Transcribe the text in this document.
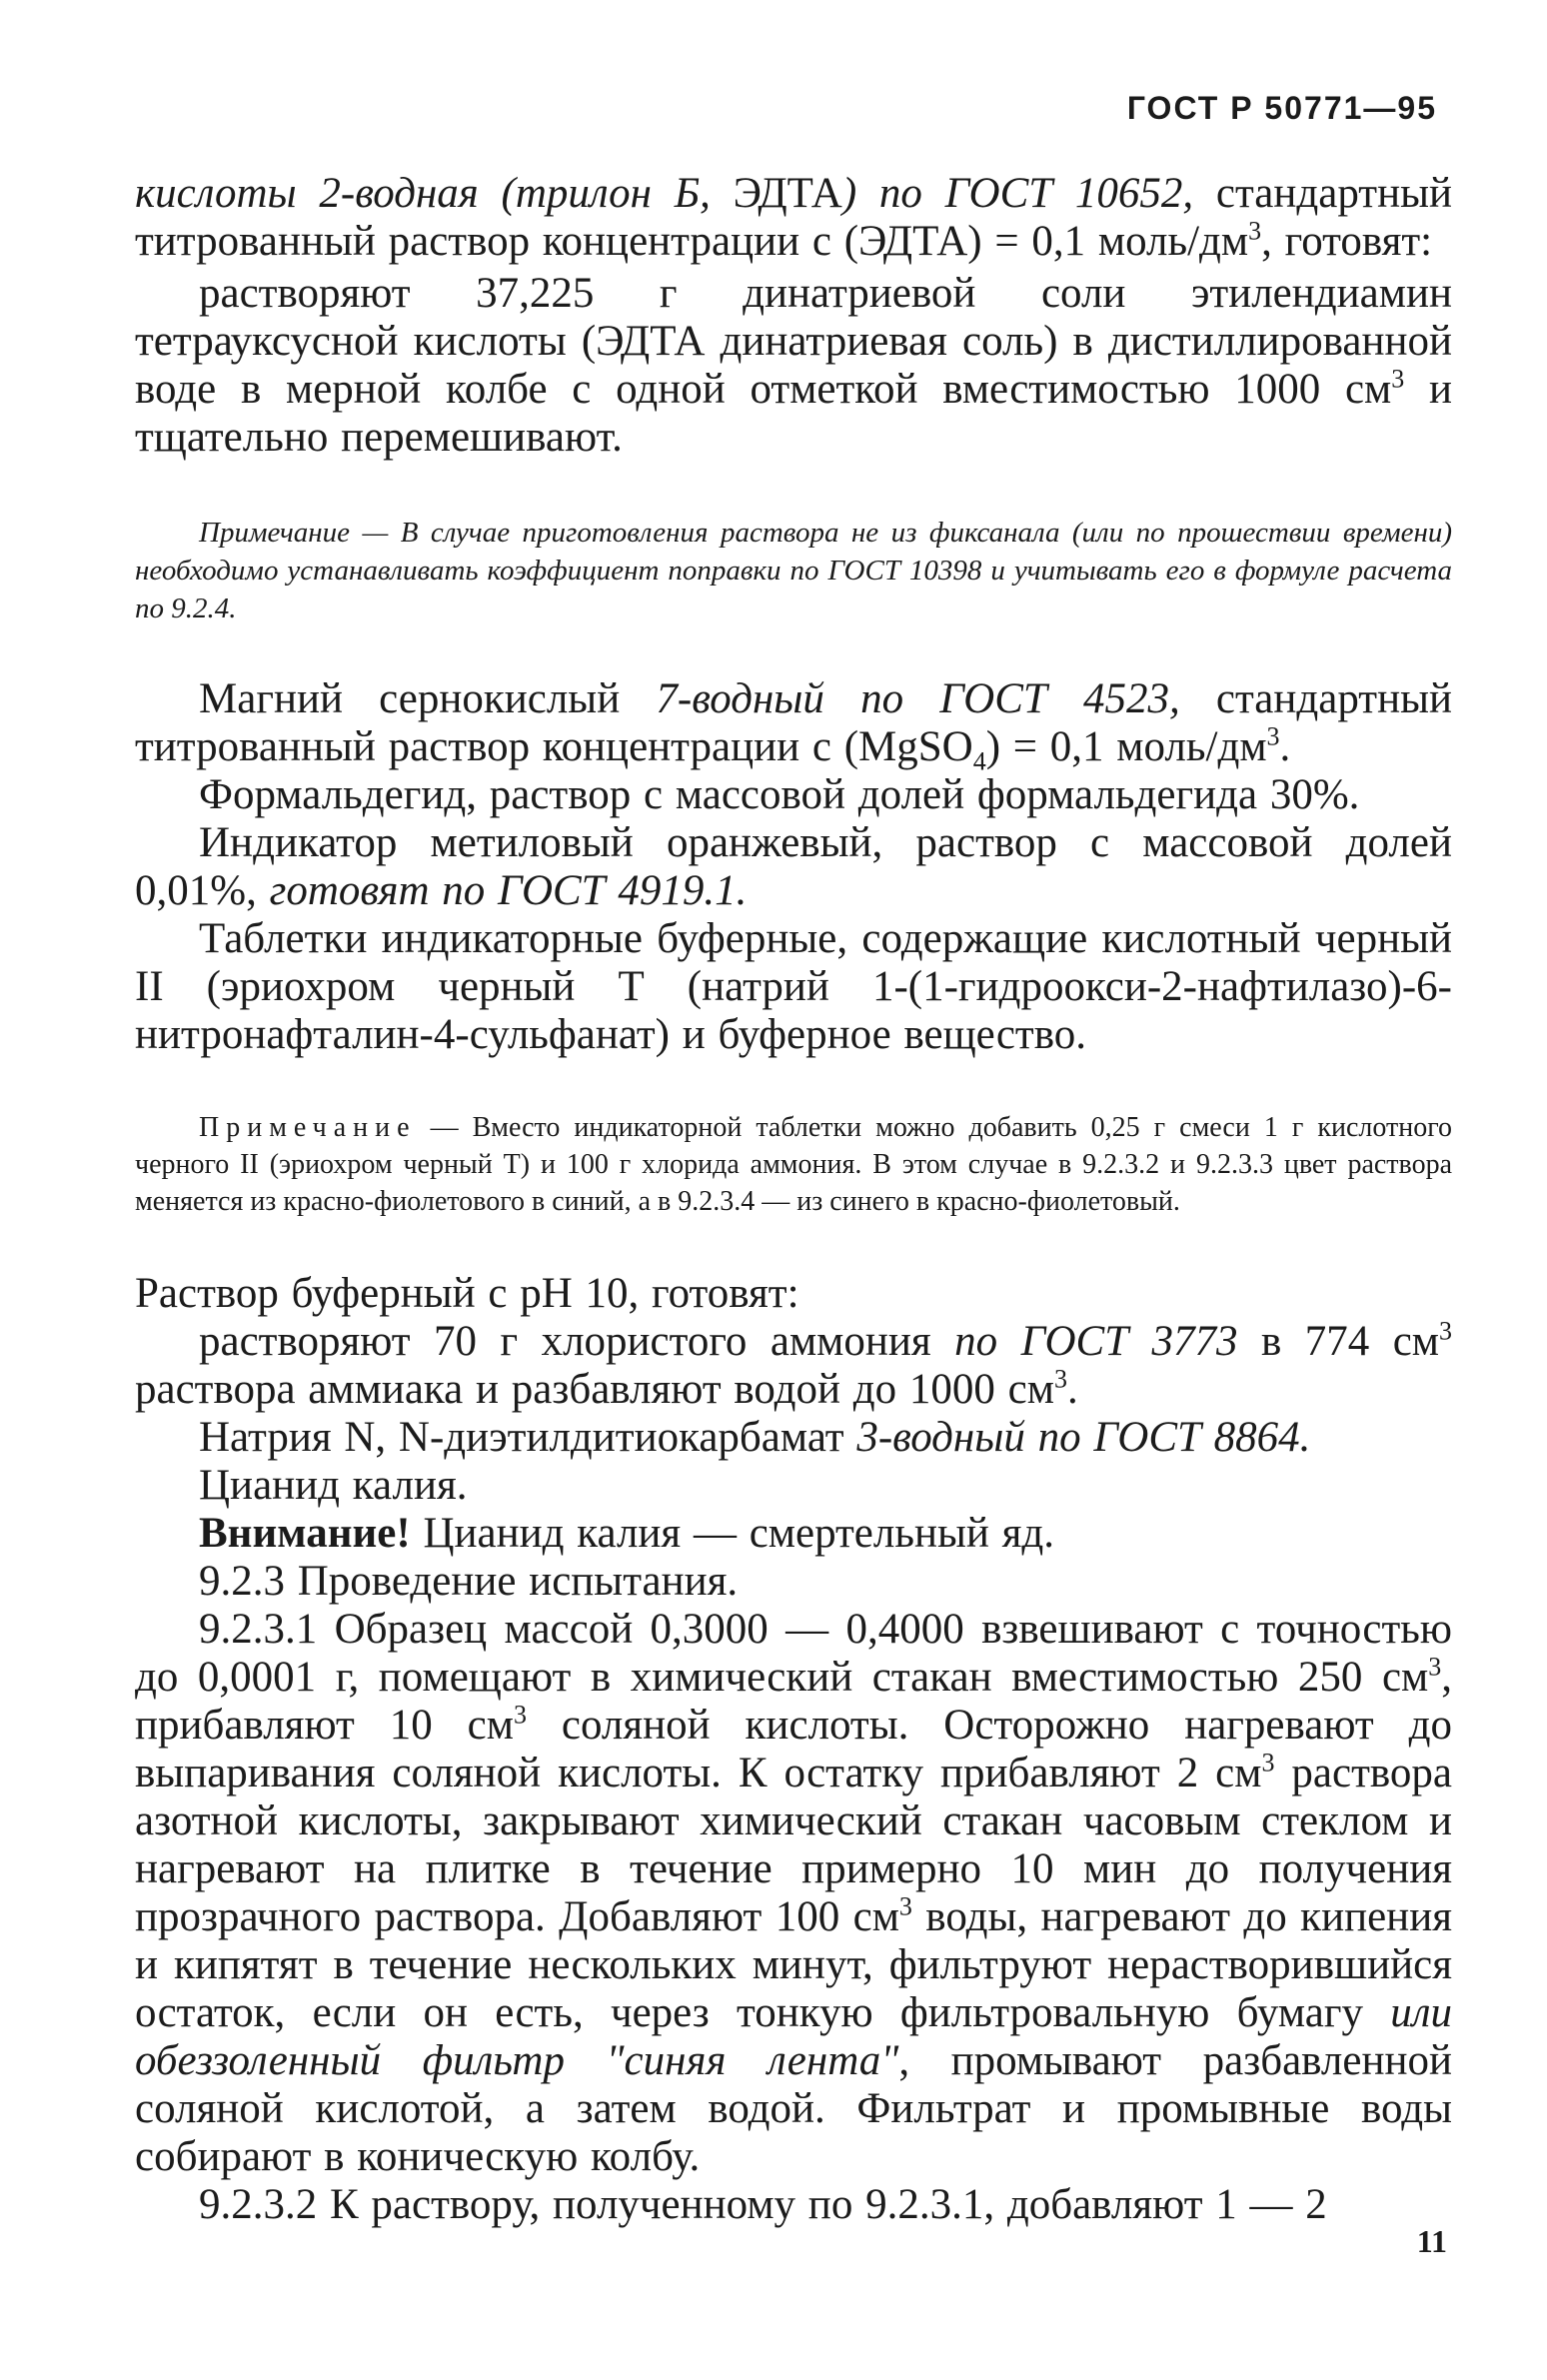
ГОСТ Р 50771—95

кислоты 2-водная (трилон Б, ЭДТА) по ГОСТ 10652, стандартный титрованный раствор концентрации с (ЭДТА) = 0,1 моль/$дм^3$, готовят:

растворяют 37,225 г динатриевой соли этилендиамин тетрауксусной кислоты (ЭДТА динатриевая соль) в дистиллированной воде в мерной колбе с одной отметкой вместимостью 1000 $см^3$ и тщательно перемешивают.

Примечание — В случае приготовления раствора не из фиксанала (или по прошествии времени) необходимо устанавливать коэффициент поправки по ГОСТ 10398 и учитывать его в формуле расчета по 9.2.4.

Магний сернокислый 7-водный по ГОСТ 4523, стандартный титрованный раствор концентрации с (MgSO$_4$) = 0,1 моль/$дм^3$.

Формальдегид, раствор с массовой долей формальдегида 30%.

Индикатор метиловый оранжевый, раствор с массовой долей 0,01%, готовят по ГОСТ 4919.1.

Таблетки индикаторные буферные, содержащие кислотный черный II (эриохром черный Т (натрий 1-(1-гидроокси-2-нафтилазо)-6-нитронафталин-4-сульфанат) и буферное вещество.

Примечание — Вместо индикаторной таблетки можно добавить 0,25 г смеси 1 г кислотного черного II (эриохром черный Т) и 100 г хлорида аммония. В этом случае в 9.2.3.2 и 9.2.3.3 цвет раствора меняется из красно-фиолетового в синий, а в 9.2.3.4 — из синего в красно-фиолетовый.

Раствор буферный с рН 10, готовят:

растворяют 70 г хлористого аммония по ГОСТ 3773 в 774 $см^3$ раствора аммиака и разбавляют водой до 1000 $см^3$.

Натрия N, N-диэтилдитиокарбамат 3-водный по ГОСТ 8864.

Цианид калия.

Внимание! Цианид калия — смертельный яд.

9.2.3 Проведение испытания.

9.2.3.1 Образец массой 0,3000 — 0,4000 взвешивают с точностью до 0,0001 г, помещают в химический стакан вместимостью 250 $см^3$, прибавляют 10 $см^3$ соляной кислоты. Осторожно нагревают до выпаривания соляной кислоты. К остатку прибавляют 2 $см^3$ раствора азотной кислоты, закрывают химический стакан часовым стеклом и нагревают на плитке в течение примерно 10 мин до получения прозрачного раствора. Добавляют 100 $см^3$ воды, нагревают до кипения и кипятят в течение нескольких минут, фильтруют нерастворившийся остаток, если он есть, через тонкую фильтровальную бумагу или обеззоленный фильтр "синяя лента", промывают разбавленной соляной кислотой, а затем водой. Фильтрат и промывные воды собирают в коническую колбу.

9.2.3.2 К раствору, полученному по 9.2.3.1, добавляют 1 — 2

11
